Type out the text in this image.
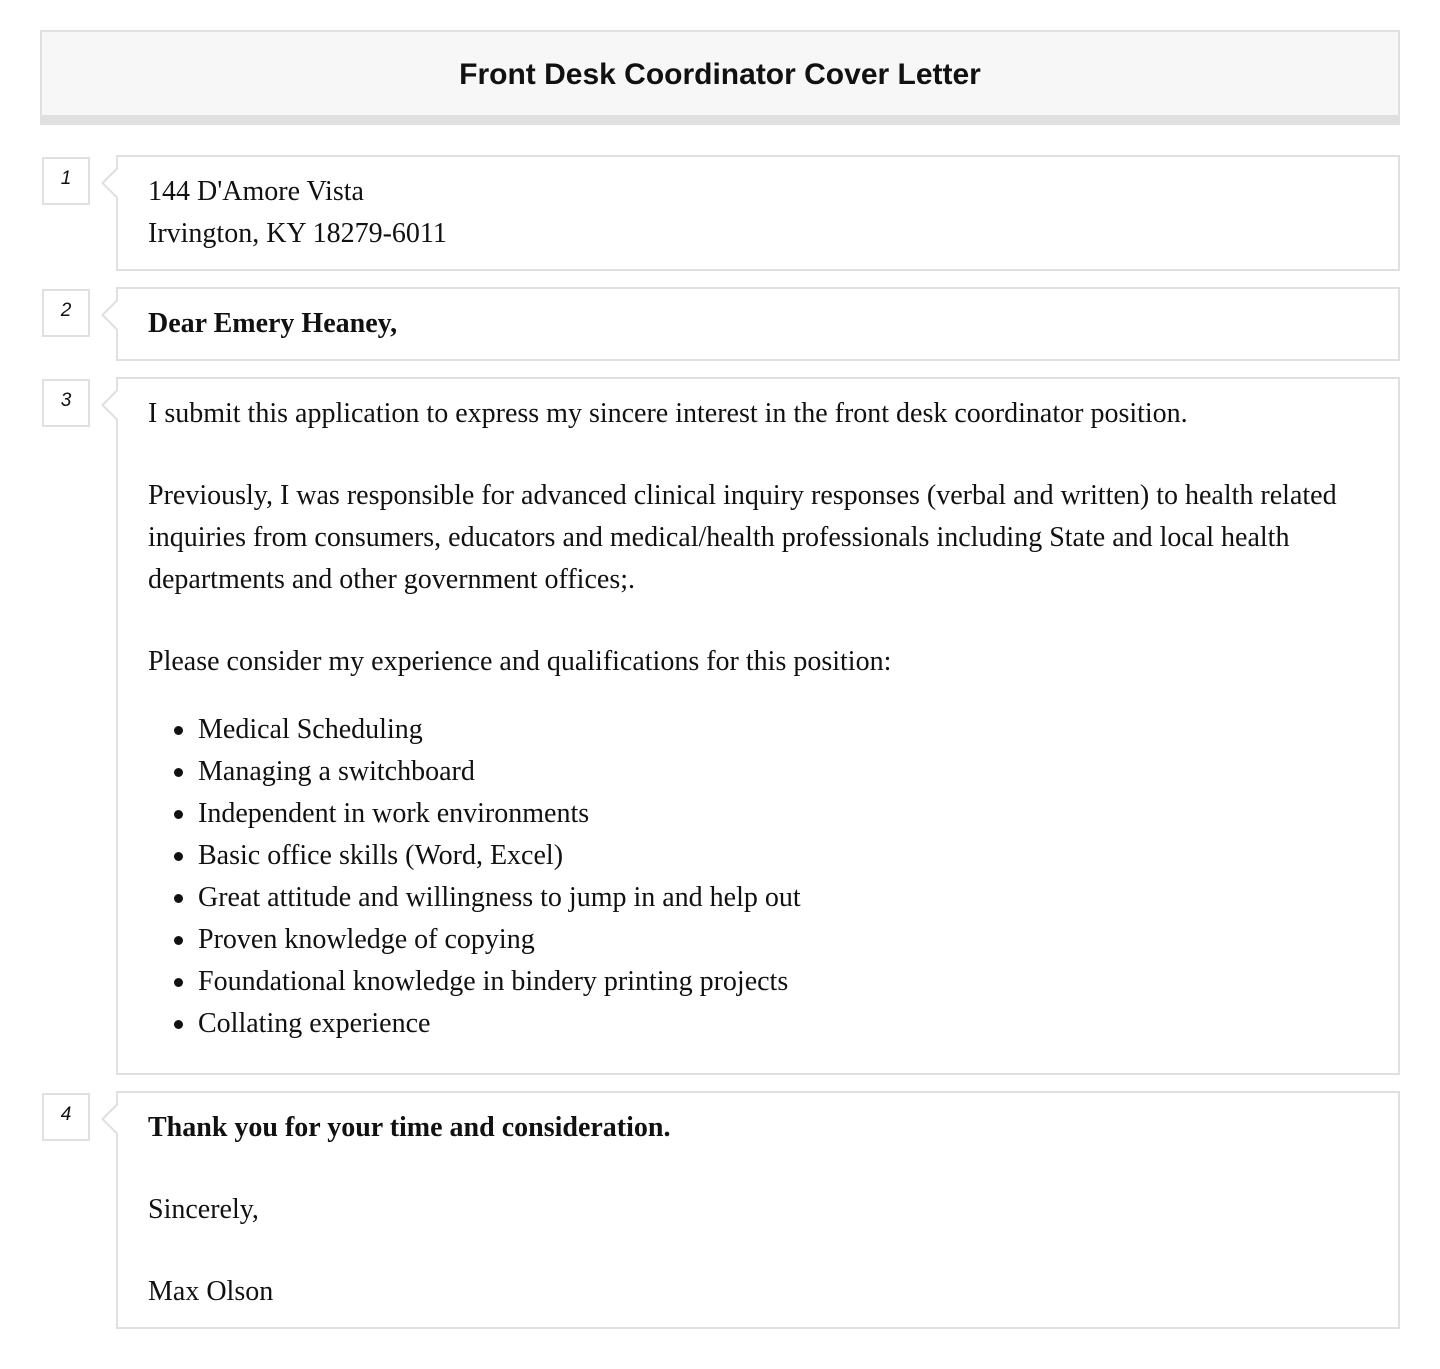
Front Desk Coordinator Cover Letter
1	144 D'Amore Vista

Irvington, KY 18279-6011

2	Dear Emery Heaney,

3	I submit this application to express my sincere interest in the front desk coordinator position.

Previously, I was responsible for advanced clinical inquiry responses (verbal and written) to health related inquiries from consumers, educators and medical/health professionals including State and local health departments and other government offices;.

Please consider my experience and qualifications for this position:

Medical Scheduling
Managing a switchboard
Independent in work environments
Basic office skills (Word, Excel)
Great attitude and willingness to jump in and help out
Proven knowledge of copying
Foundational knowledge in bindery printing projects
Collating experience
4	Thank you for your time and consideration.

Sincerely,

Max Olson
